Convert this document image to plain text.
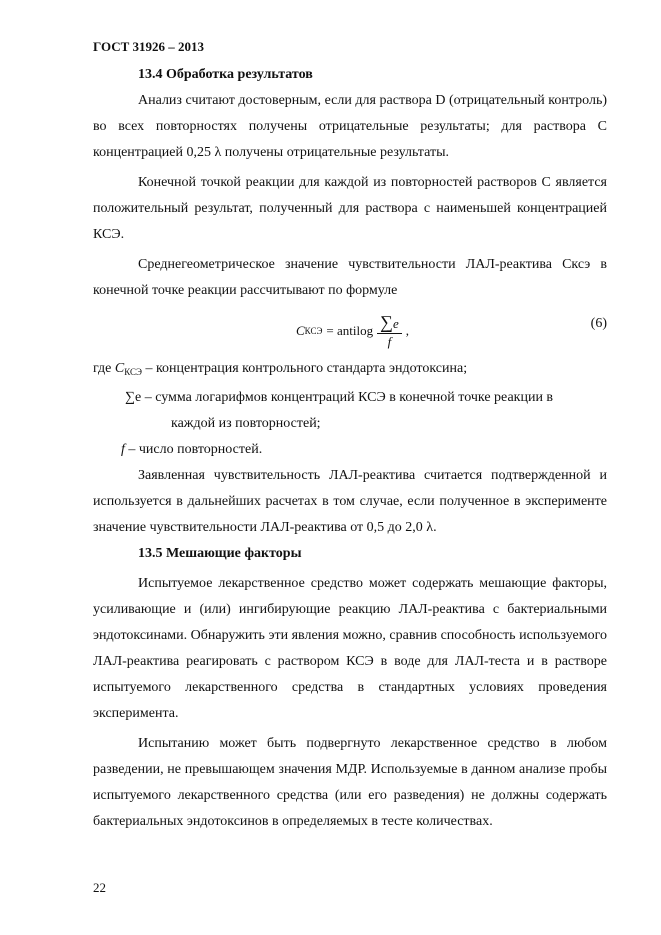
ГОСТ 31926 – 2013
13.4 Обработка результатов

Анализ считают достоверным, если для раствора D (отрицательный контроль) во всех повторностях получены отрицательные результаты; для раствора C концентрацией 0,25 λ получены отрицательные результаты.

Конечной точкой реакции для каждой из повторностей растворов C является положительный результат, полученный для раствора с наименьшей концентрацией КСЭ.

Среднегеометрическое значение чувствительности ЛАЛ-реактива Cксэ в конечной точке реакции рассчитывают по формуле

C КСЭ = antilog $\frac{\sum e}{f}$ ,	(6)
где $C_{КСЭ}$ – концентрация контрольного стандарта эндотоксина;
∑e – сумма логарифмов концентраций КСЭ в конечной точке реакции в
каждой из повторностей;
f – число повторностей.

Заявленная чувствительность ЛАЛ-реактива считается подтвержденной и используется в дальнейших расчетах в том случае, если полученное в эксперименте значение чувствительности ЛАЛ-реактива от 0,5 до 2,0 λ.

13.5 Мешающие факторы

Испытуемое лекарственное средство может содержать мешающие факторы, усиливающие и (или) ингибирующие реакцию ЛАЛ-реактива с бактериальными эндотоксинами. Обнаружить эти явления можно, сравнив способность используемого ЛАЛ-реактива реагировать с раствором КСЭ в воде для ЛАЛ-теста и в растворе испытуемого лекарственного средства в стандартных условиях проведения эксперимента.

Испытанию может быть подвергнуто лекарственное средство в любом разведении, не превышающем значения МДР. Используемые в данном анализе пробы испытуемого лекарственного средства (или его разведения) не должны содержать бактериальных эндотоксинов в определяемых в тесте количествах.

22
